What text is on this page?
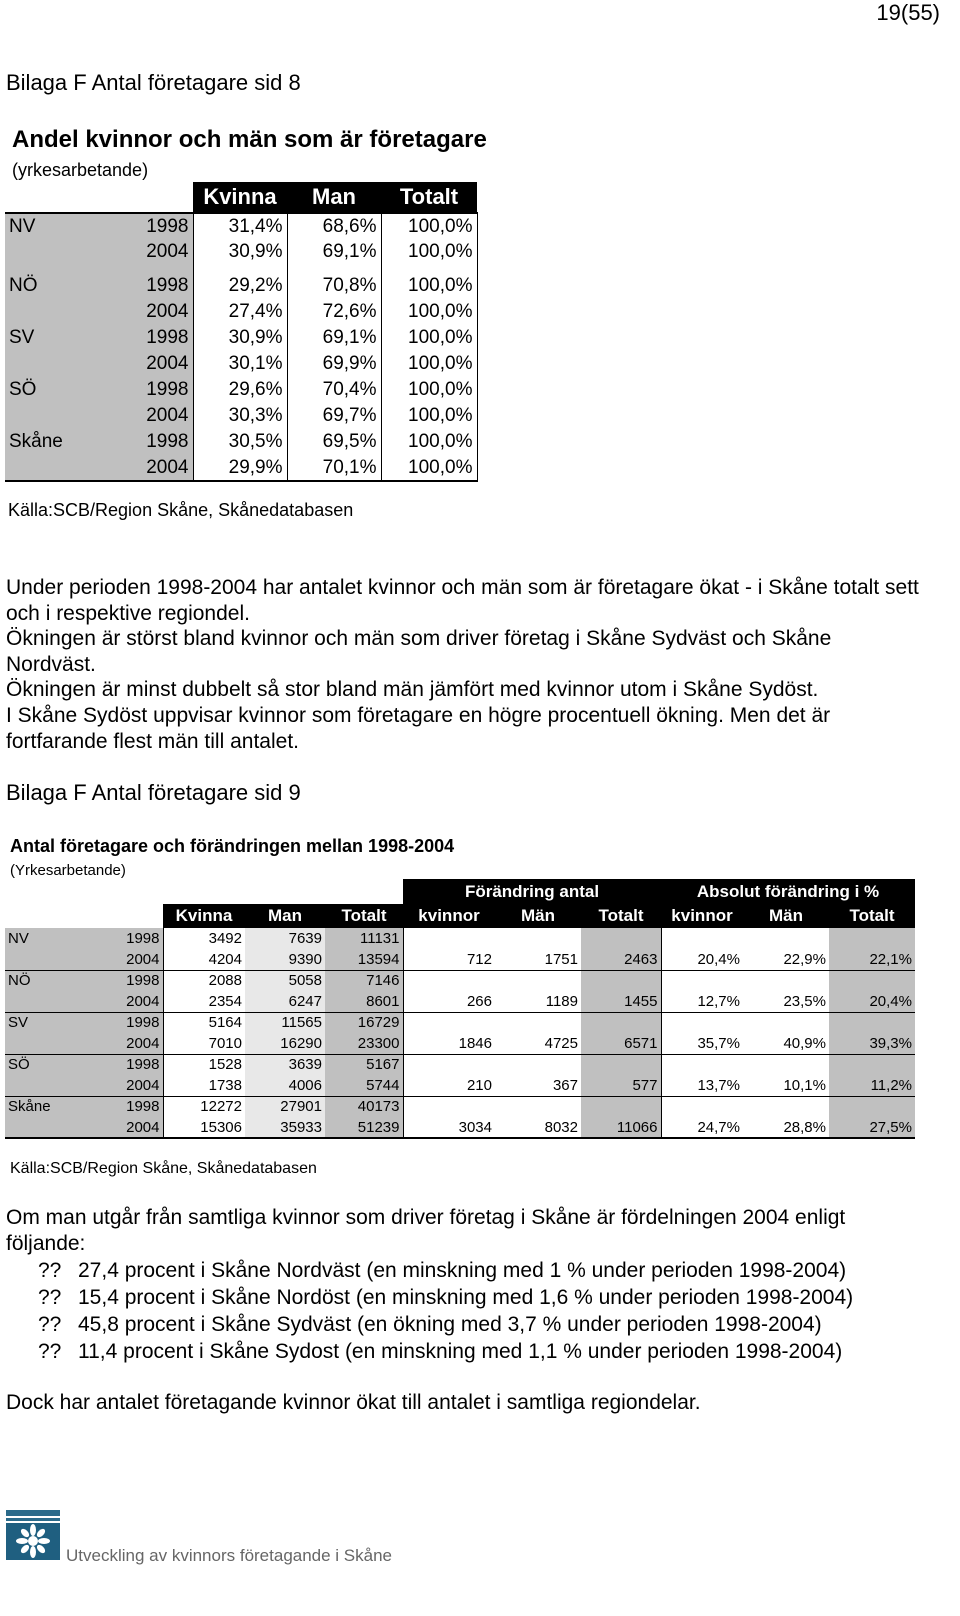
19(55)
Bilaga F Antal företagare sid 8
Andel kvinnor och män som är företagare
(yrkesarbetande)
		Kvinna	Man	Totalt
NV	1998	31,4%	68,6%	100,0%
	2004	30,9%	69,1%	100,0%

NÖ	1998	29,2%	70,8%	100,0%
	2004	27,4%	72,6%	100,0%
SV	1998	30,9%	69,1%	100,0%
	2004	30,1%	69,9%	100,0%
SÖ	1998	29,6%	70,4%	100,0%
	2004	30,3%	69,7%	100,0%
Skåne	1998	30,5%	69,5%	100,0%
	2004	29,9%	70,1%	100,0%
Källa:SCB/Region Skåne, Skånedatabasen
Under perioden 1998-2004 har antalet kvinnor och män som är företagare ökat - i Skåne totalt sett och i respektive regiondel.
Ökningen är störst bland kvinnor och män som driver företag i Skåne Sydväst och Skåne Nordväst.
Ökningen är minst dubbelt så stor bland män jämfört med kvinnor utom i Skåne Sydöst.
I Skåne Sydöst uppvisar kvinnor som företagare en högre procentuell ökning. Men det är fortfarande flest män till antalet.
Bilaga F Antal företagare sid 9
Antal företagare och förändringen mellan 1998-2004
(Yrkesarbetande)
					Förändring antal			Absolut förändring i %		
		Kvinna	Man	Totalt	kvinnor	Män	Totalt	kvinnor	Män	Totalt
NV	1998	3492	7639	11131						
	2004	4204	9390	13594	712	1751	2463	20,4%	22,9%	22,1%
NÖ	1998	2088	5058	7146						
	2004	2354	6247	8601	266	1189	1455	12,7%	23,5%	20,4%
SV	1998	5164	11565	16729						
	2004	7010	16290	23300	1846	4725	6571	35,7%	40,9%	39,3%
SÖ	1998	1528	3639	5167						
	2004	1738	4006	5744	210	367	577	13,7%	10,1%	11,2%
Skåne	1998	12272	27901	40173						
	2004	15306	35933	51239	3034	8032	11066	24,7%	28,8%	27,5%
Källa:SCB/Region Skåne, Skånedatabasen
Om man utgår från samtliga kvinnor som driver företag i Skåne är fördelningen 2004 enligt följande:
?? 27,4 procent i Skåne Nordväst (en minskning med 1 % under perioden 1998-2004)
?? 15,4 procent i Skåne Nordöst (en minskning med 1,6 % under perioden 1998-2004)
?? 45,8 procent i Skåne Sydväst (en ökning med 3,7 % under perioden 1998-2004)
?? 11,4 procent i Skåne Sydost (en minskning med 1,1 % under perioden 1998-2004)
Dock har antalet företagande kvinnor ökat till antalet i samtliga regiondelar.
Utveckling av kvinnors företagande i Skåne
